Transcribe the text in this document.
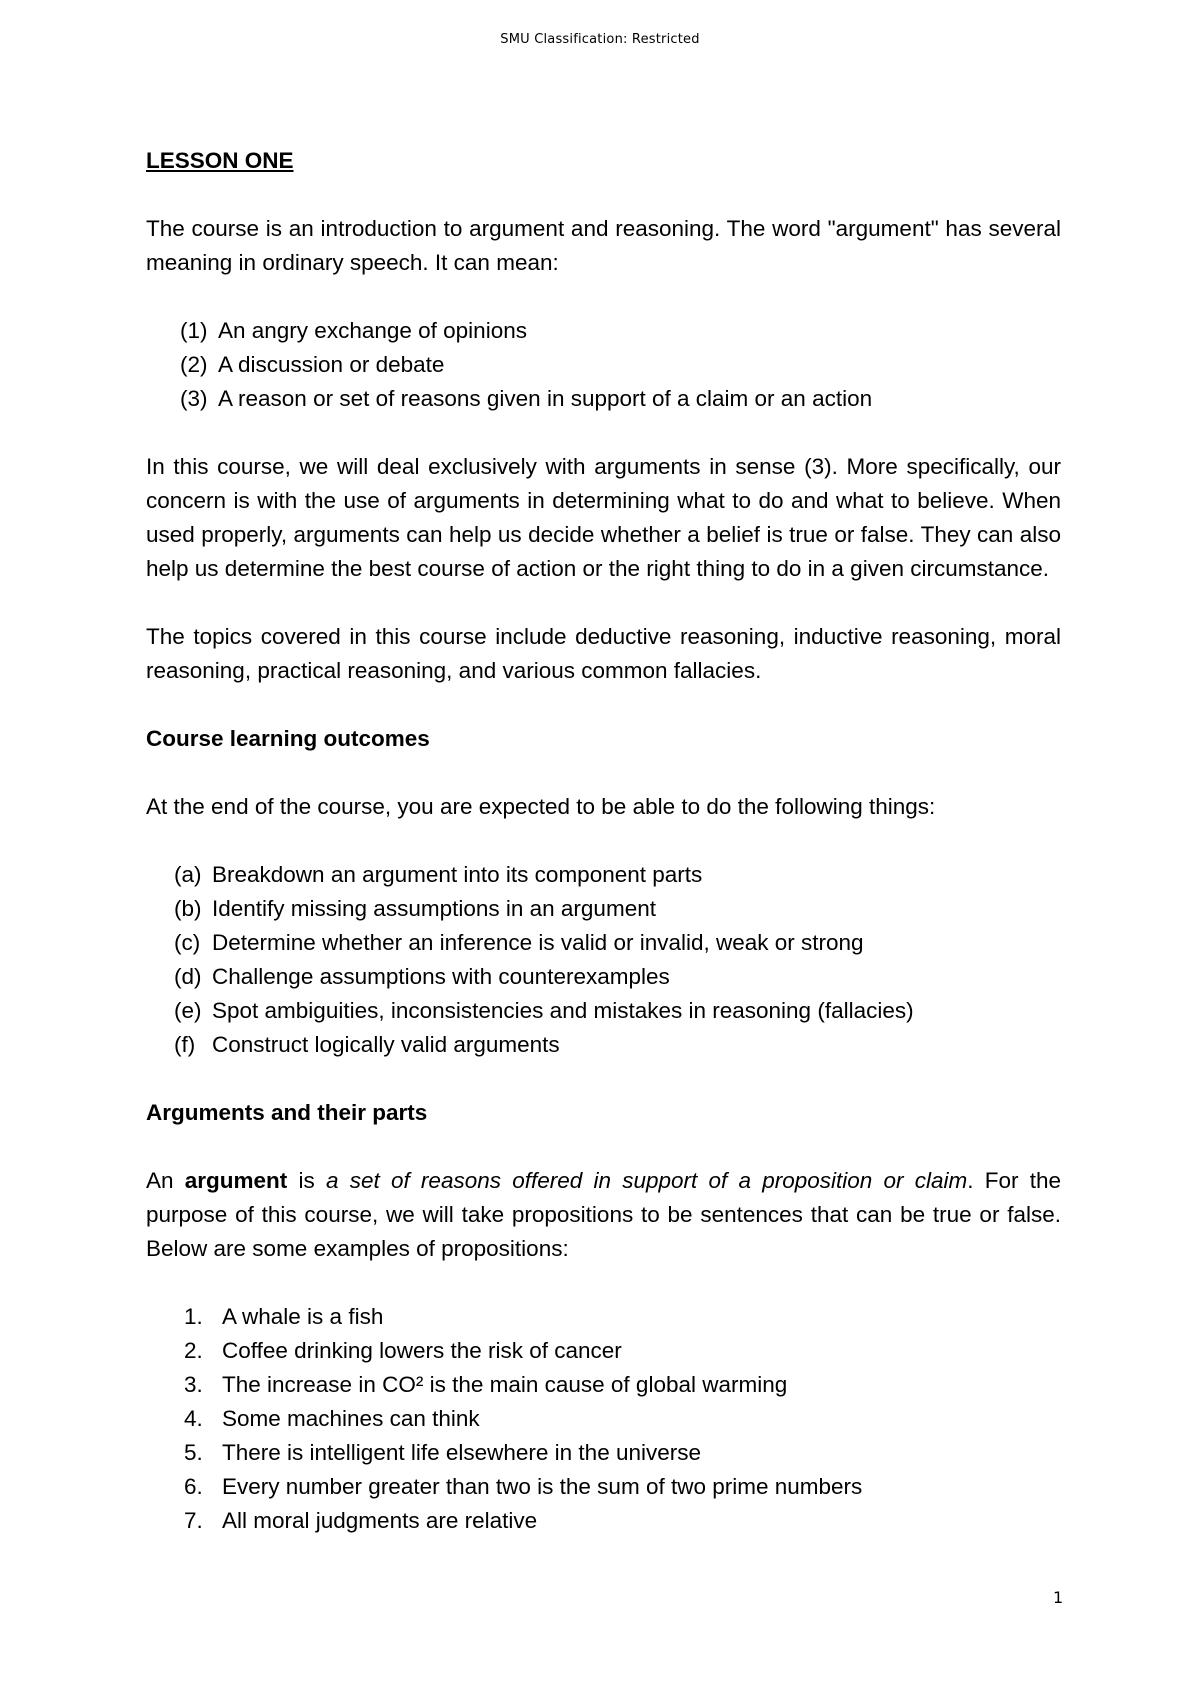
SMU Classification: Restricted

LESSON ONE

The course is an introduction to argument and reasoning. The word "argument" has several meaning in ordinary speech. It can mean:

(1) An angry exchange of opinions
(2) A discussion or debate
(3) A reason or set of reasons given in support of a claim or an action

In this course, we will deal exclusively with arguments in sense (3). More specifically, our concern is with the use of arguments in determining what to do and what to believe. When used properly, arguments can help us decide whether a belief is true or false. They can also help us determine the best course of action or the right thing to do in a given circumstance.

The topics covered in this course include deductive reasoning, inductive reasoning, moral reasoning, practical reasoning, and various common fallacies.

Course learning outcomes

At the end of the course, you are expected to be able to do the following things:

(a) Breakdown an argument into its component parts
(b) Identify missing assumptions in an argument
(c) Determine whether an inference is valid or invalid, weak or strong
(d) Challenge assumptions with counterexamples
(e) Spot ambiguities, inconsistencies and mistakes in reasoning (fallacies)
(f) Construct logically valid arguments

Arguments and their parts

An argument is a set of reasons offered in support of a proposition or claim. For the purpose of this course, we will take propositions to be sentences that can be true or false. Below are some examples of propositions:

1. A whale is a fish
2. Coffee drinking lowers the risk of cancer
3. The increase in CO² is the main cause of global warming
4. Some machines can think
5. There is intelligent life elsewhere in the universe
6. Every number greater than two is the sum of two prime numbers
7. All moral judgments are relative
1
